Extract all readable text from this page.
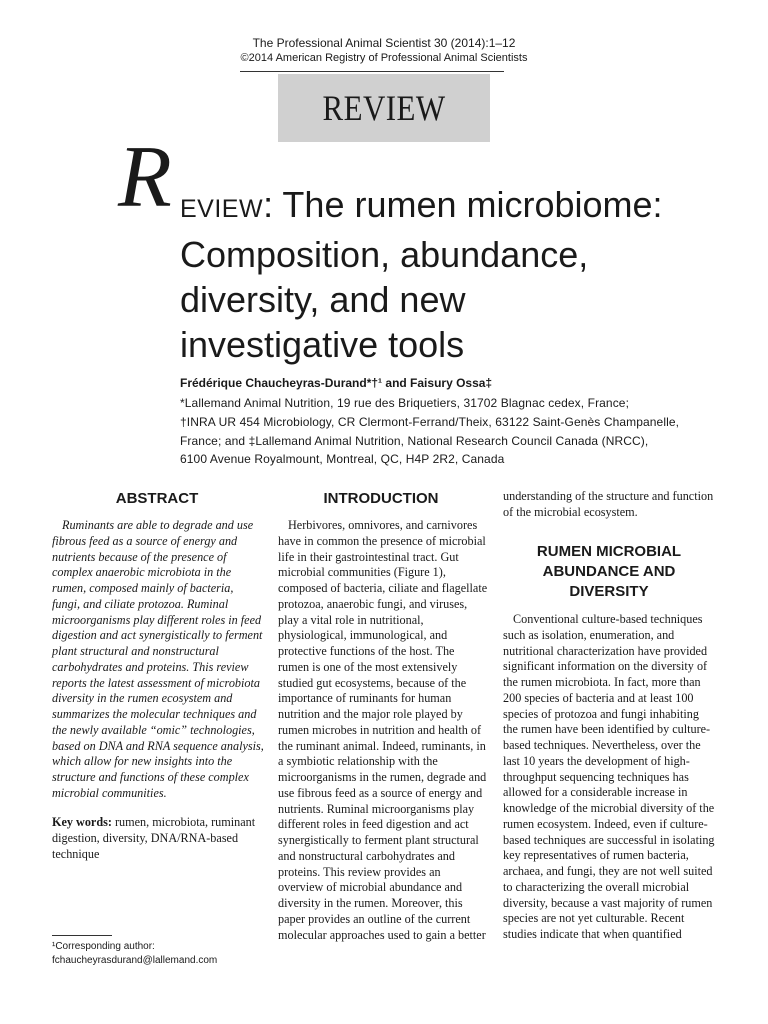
The Professional Animal Scientist 30 (2014):1–12
©2014 American Registry of Professional Animal Scientists
REVIEW
R EVIEW: The rumen microbiome:
Composition, abundance,
diversity, and new
investigative tools
Frédérique Chaucheyras-Durand*†¹ and Faisury Ossa‡
*Lallemand Animal Nutrition, 19 rue des Briquetiers, 31702 Blagnac cedex, France;
†INRA UR 454 Microbiology, CR Clermont-Ferrand/Theix, 63122 Saint-Genès Champanelle,
France; and ‡Lallemand Animal Nutrition, National Research Council Canada (NRCC),
6100 Avenue Royalmount, Montreal, QC, H4P 2R2, Canada
ABSTRACT

Ruminants are able to degrade and use fibrous feed as a source of energy and nutrients because of the presence of complex anaerobic microbiota in the rumen, composed mainly of bacteria, fungi, and ciliate protozoa. Ruminal microorganisms play different roles in feed digestion and act synergistically to ferment plant structural and nonstructural carbohydrates and proteins. This review reports the latest assessment of microbiota diversity in the rumen ecosystem and summarizes the molecular techniques and the newly available “omic” technologies, based on DNA and RNA sequence analysis, which allow for new insights into the structure and functions of these complex microbial communities.

Key words: rumen, microbiota, ruminant digestion, diversity, DNA/RNA-based technique

¹Corresponding author:
fchaucheyrasdurand@lallemand.com
INTRODUCTION

Herbivores, omnivores, and carnivores have in common the presence of microbial life in their gastrointestinal tract. Gut microbial communities (Figure 1), composed of bacteria, ciliate and flagellate protozoa, anaerobic fungi, and viruses, play a vital role in nutritional, physiological, immunological, and protective functions of the host. The rumen is one of the most extensively studied gut ecosystems, because of the importance of ruminants for human nutrition and the major role played by rumen microbes in nutrition and health of the ruminant animal. Indeed, ruminants, in a symbiotic relationship with the microorganisms in the rumen, degrade and use fibrous feed as a source of energy and nutrients. Ruminal microorganisms play different roles in feed digestion and act synergistically to ferment plant structural and nonstructural carbohydrates and proteins. This review provides an overview of microbial abundance and diversity in the rumen. Moreover, this paper provides an outline of the current molecular approaches used to gain a better

understanding of the structure and function of the microbial ecosystem.

RUMEN MICROBIAL ABUNDANCE AND DIVERSITY

Conventional culture-based techniques such as isolation, enumeration, and nutritional characterization have provided significant information on the diversity of the rumen microbiota. In fact, more than 200 species of bacteria and at least 100 species of protozoa and fungi inhabiting the rumen have been identified by culture-based techniques. Nevertheless, over the last 10 years the development of high-throughput sequencing techniques has allowed for a considerable increase in knowledge of the microbial diversity of the rumen ecosystem. Indeed, even if culture-based techniques are successful in isolating key representatives of rumen bacteria, archaea, and fungi, they are not well suited to characterizing the overall microbial diversity, because a vast majority of rumen species are not yet culturable. Recent studies indicate that when quantified
